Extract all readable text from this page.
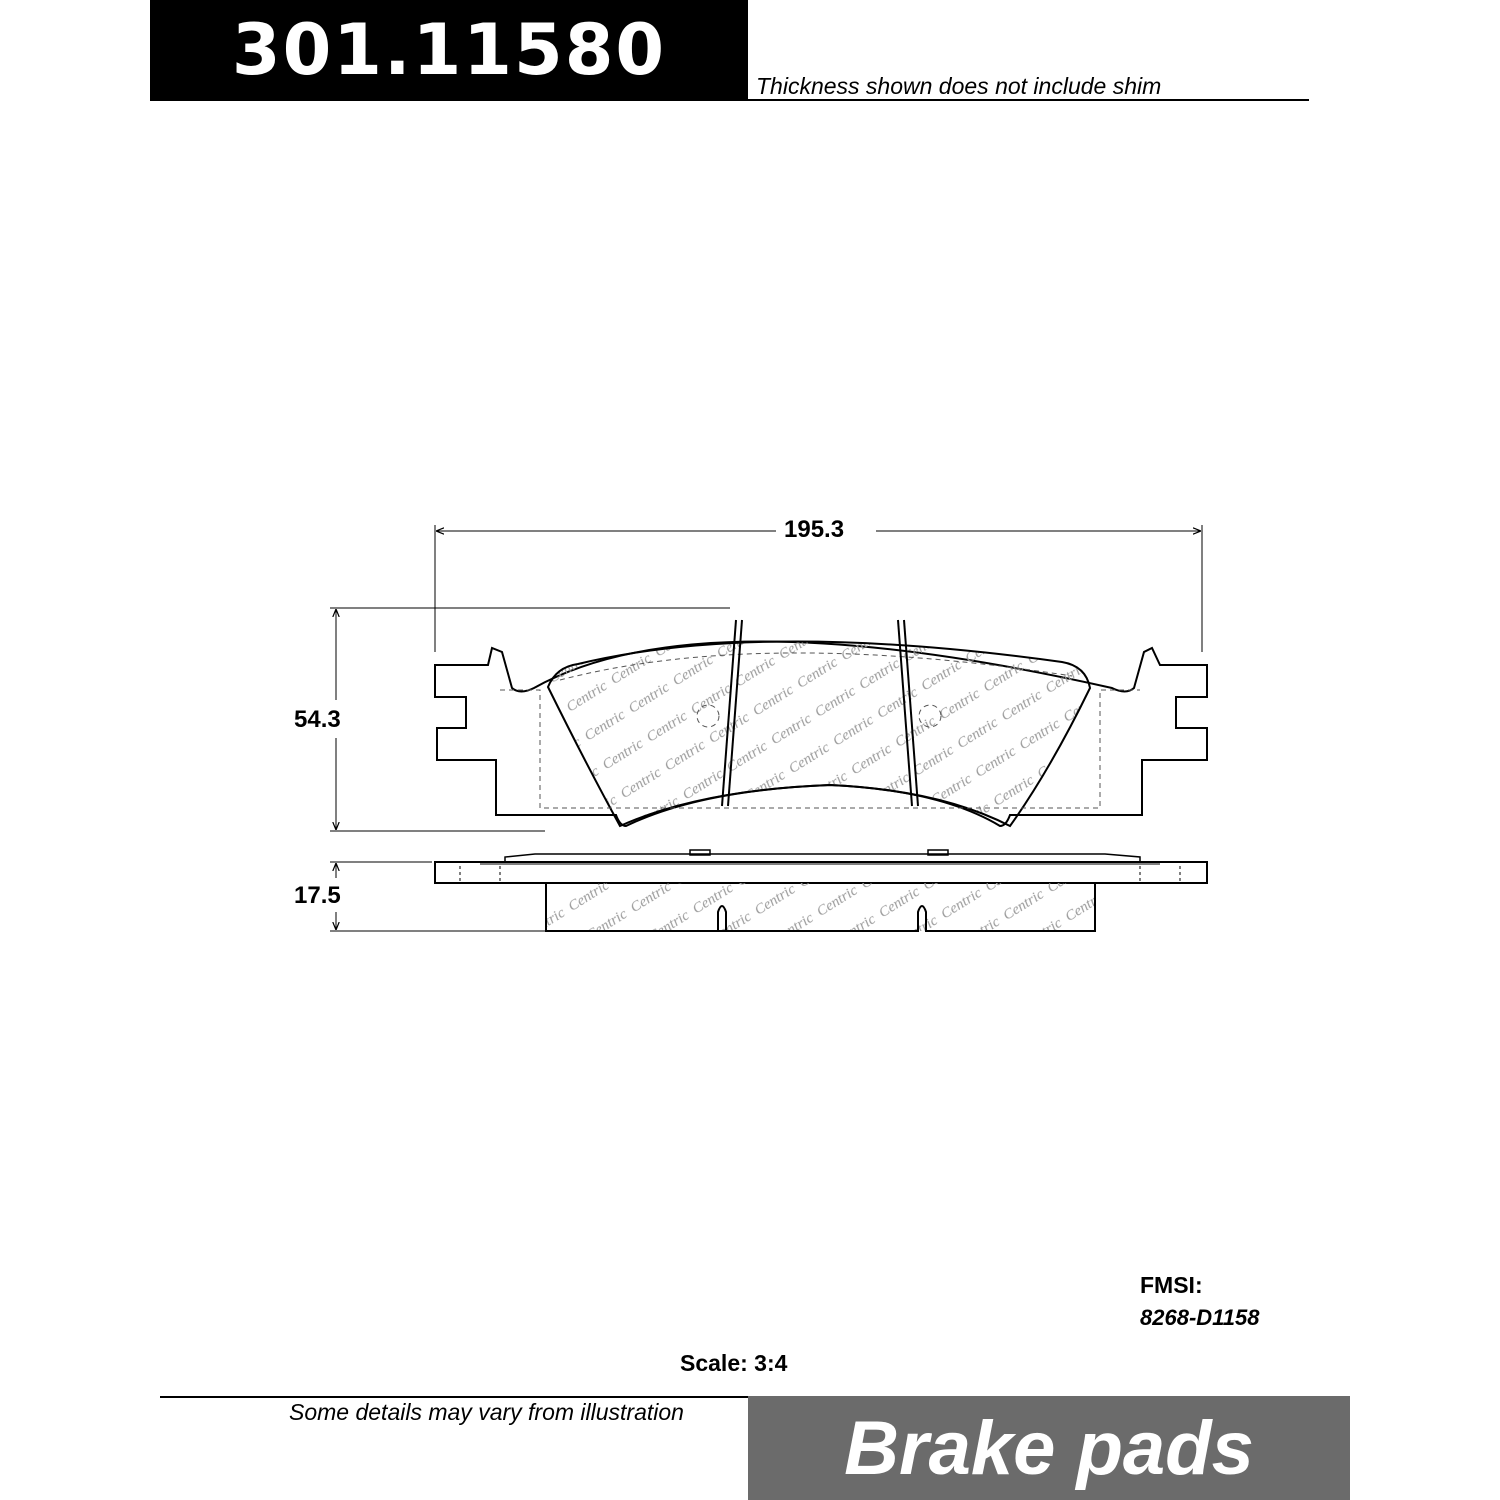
301.11580	Thickness shown does not include shim
195.3
54.3
17.5
FMSI:
8268-D1158
Scale: 3:4
Some details may vary from illustration	Brake pads
